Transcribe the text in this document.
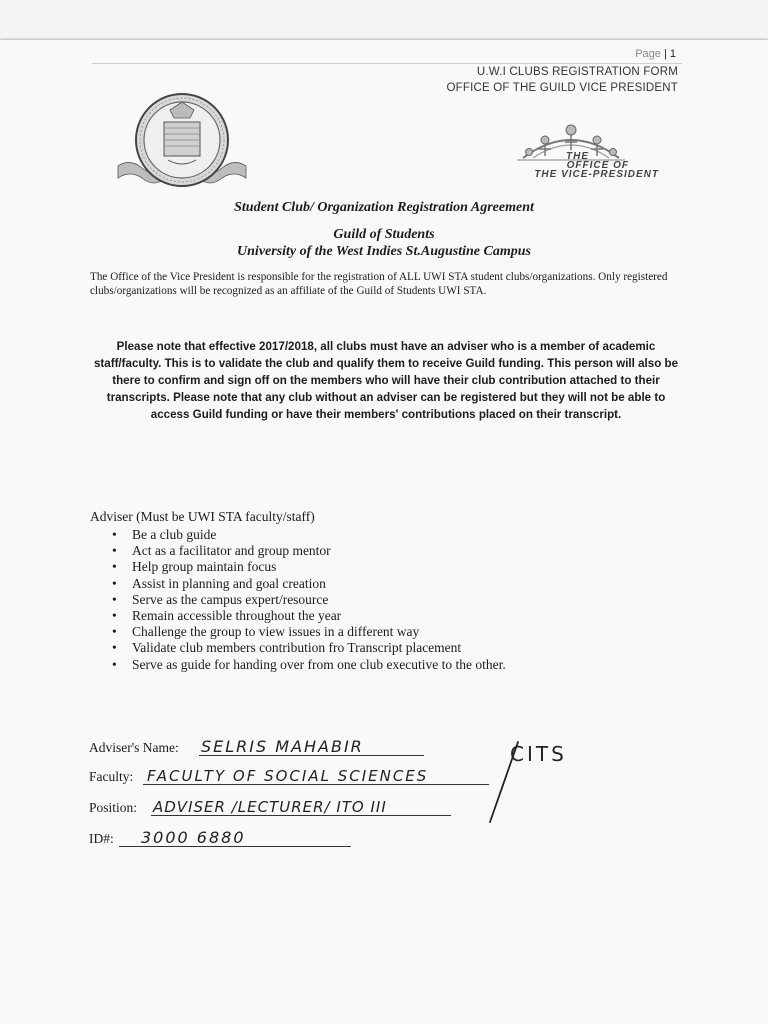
Page | 1
U.W.I CLUBS REGISTRATION FORM
OFFICE OF THE GUILD VICE PRESIDENT
THE
OFFICE OF
THE VICE-PRESIDENT
Student Club/ Organization Registration Agreement
Guild of Students
University of the West Indies St.Augustine Campus
The Office of the Vice President is responsible for the registration of ALL UWI STA student clubs/organizations. Only registered clubs/organizations will be recognized as an affiliate of the Guild of Students UWI STA.
Please note that effective 2017/2018, all clubs must have an adviser who is a member of academic staff/faculty. This is to validate the club and qualify them to receive Guild funding. This person will also be there to confirm and sign off on the members who will have their club contribution attached to their transcripts. Please note that any club without an adviser can be registered but they will not be able to access Guild funding or have their members' contributions placed on their transcript.
Adviser (Must be UWI STA faculty/staff)
• Be a club guide
• Act as a facilitator and group mentor
• Help group maintain focus
• Assist in planning and goal creation
• Serve as the campus expert/resource
• Remain accessible throughout the year
• Challenge the group to view issues in a different way
• Validate club members contribution fro Transcript placement
• Serve as guide for handing over from one club executive to the other.
Adviser's Name: SELRIS MAHABIR
Faculty: FACULTY OF SOCIAL SCIENCES
Position: ADVISER /LECTURER/ ITO III
ID#: 3000 6880
CITS
